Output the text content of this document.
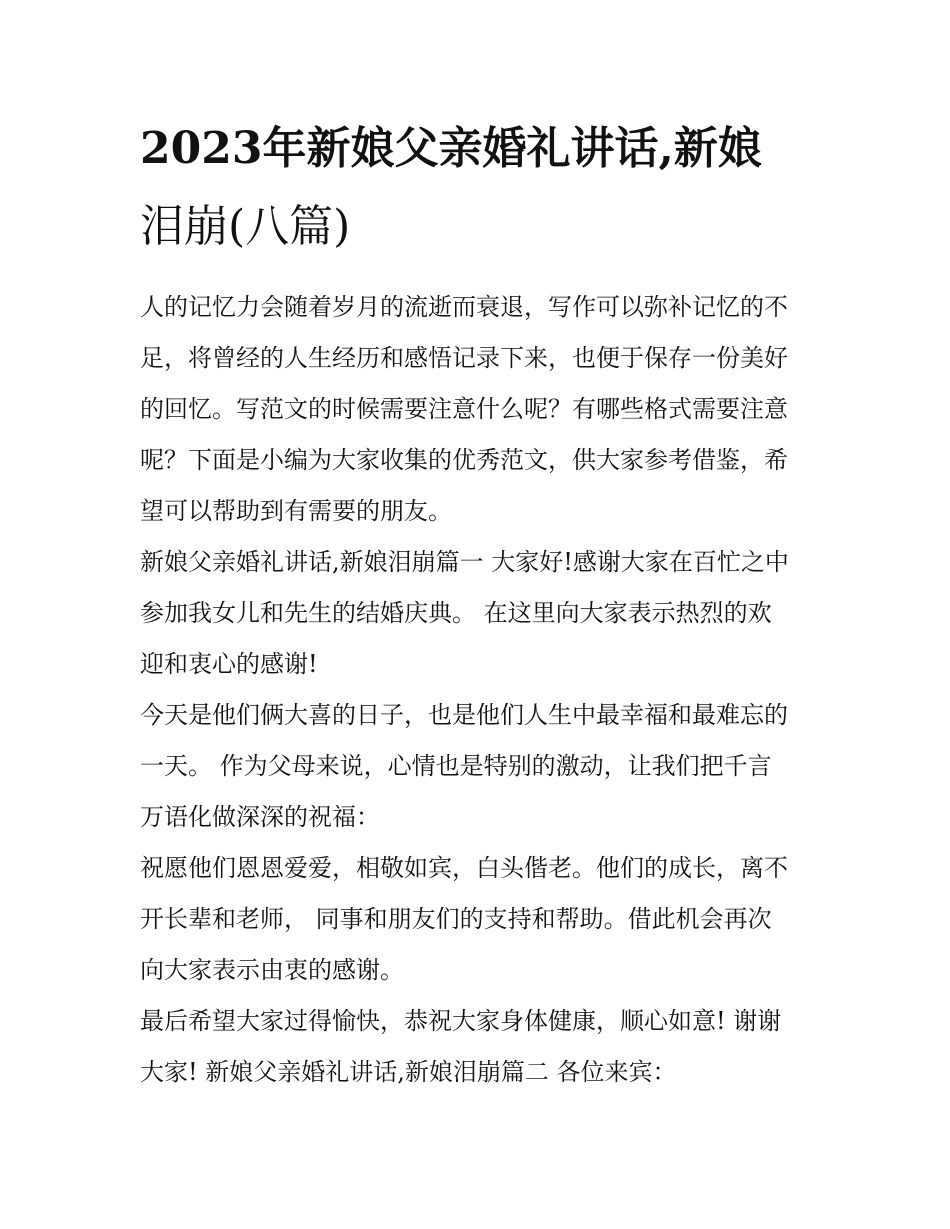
2023年新娘父亲婚礼讲话,新娘
泪崩(八篇)

人的记忆力会随着岁月的流逝而衰退，写作可以弥补记忆的不
足，将曾经的人生经历和感悟记录下来，也便于保存一份美好
的回忆。写范文的时候需要注意什么呢？有哪些格式需要注意
呢？下面是小编为大家收集的优秀范文，供大家参考借鉴，希
望可以帮助到有需要的朋友。

新娘父亲婚礼讲话,新娘泪崩篇一 大家好!感谢大家在百忙之中
参加我女儿和先生的结婚庆典。 在这里向大家表示热烈的欢
迎和衷心的感谢!

今天是他们俩大喜的日子，也是他们人生中最幸福和最难忘的
一天。 作为父母来说，心情也是特别的激动，让我们把千言
万语化做深深的祝福：

祝愿他们恩恩爱爱，相敬如宾，白头偕老。他们的成长，离不
开长辈和老师， 同事和朋友们的支持和帮助。借此机会再次
向大家表示由衷的感谢。

最后希望大家过得愉快，恭祝大家身体健康，顺心如意! 谢谢
大家! 新娘父亲婚礼讲话,新娘泪崩篇二 各位来宾：
